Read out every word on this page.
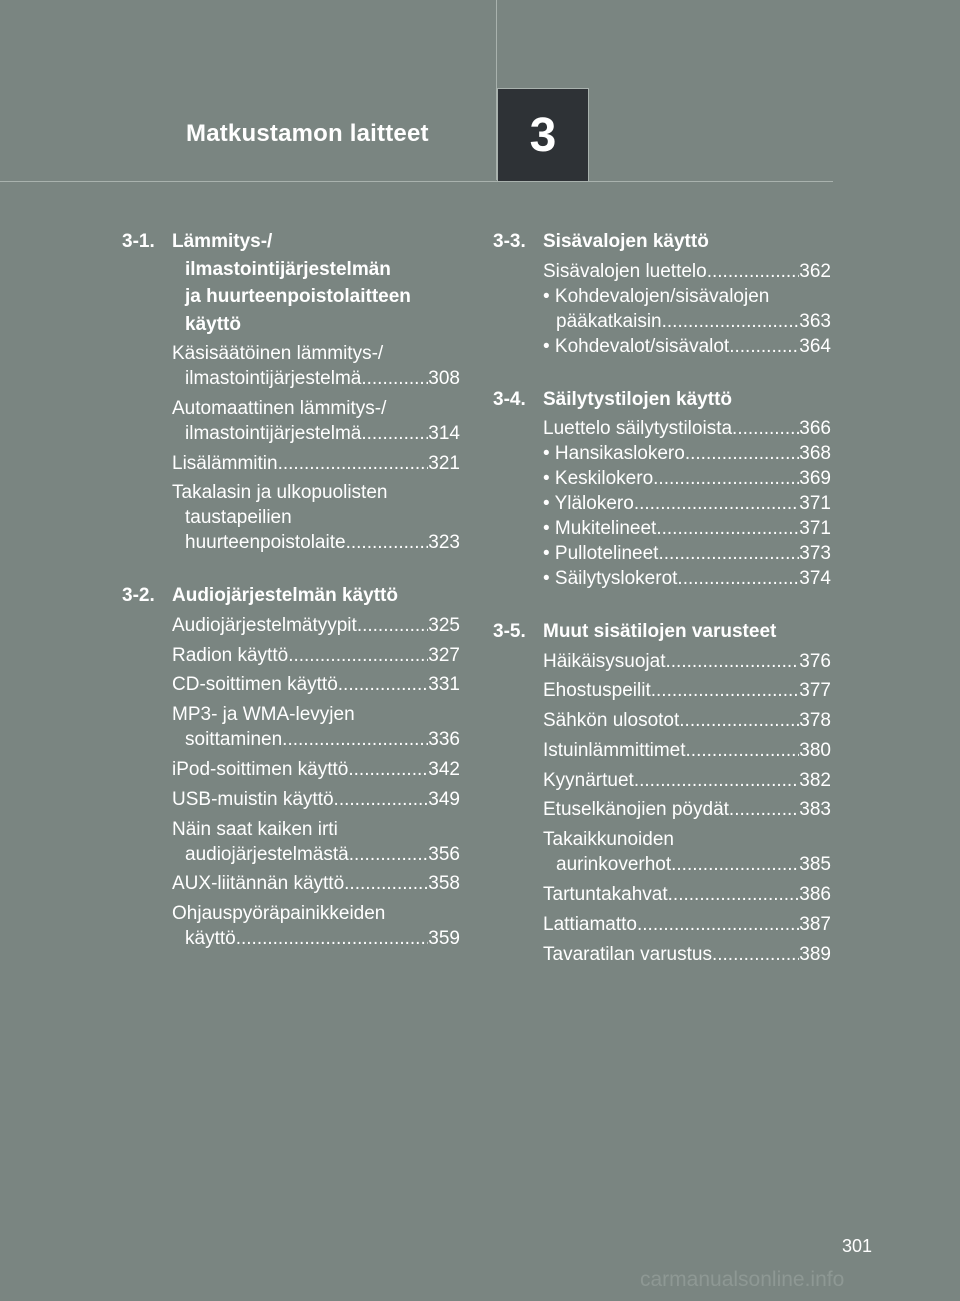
Matkustamon laitteet	3
3-1. Lämmitys-/
ilmastointijärjestelmän
ja huurteenpoistolaitteen
käyttö
Käsisäätöinen lämmitys-/
ilmastointijärjestelmä .....	308
Automaattinen lämmitys-/
ilmastointijärjestelmä .....	314
Lisälämmitin .....	321
Takalasin ja ulkopuolisten
taustapeilien
huurteenpoistolaite .....	323
3-2. Audiojärjestelmän käyttö
Audiojärjestelmätyypit .....	325
Radion käyttö .....	327
CD-soittimen käyttö .....	331
MP3- ja WMA-levyjen
soittaminen .....	336
iPod-soittimen käyttö .....	342
USB-muistin käyttö .....	349
Näin saat kaiken irti
audiojärjestelmästä .....	356
AUX-liitännän käyttö .....	358
Ohjauspyöräpainikkeiden
käyttö .....	359
3-3. Sisävalojen käyttö
Sisävalojen luettelo .....	362
• Kohdevalojen/sisävalojen
pääkatkaisin .....	363
• Kohdevalot/sisävalot .....	364
3-4. Säilytystilojen käyttö
Luettelo säilytystiloista .....	366
• Hansikaslokero .....	368
• Keskilokero .....	369
• Ylälokero .....	371
• Mukitelineet .....	371
• Pullotelineet .....	373
• Säilytyslokerot .....	374
3-5. Muut sisätilojen varusteet
Häikäisysuojat .....	376
Ehostuspeilit .....	377
Sähkön ulosotot .....	378
Istuinlämmittimet .....	380
Kyynärtuet .....	382
Etuselkänojien pöydät .....	383
Takaikkunoiden
aurinkoverhot .....	385
Tartuntakahvat .....	386
Lattiamatto .....	387
Tavaratilan varustus .....	389
301
carmanualsonline.info
